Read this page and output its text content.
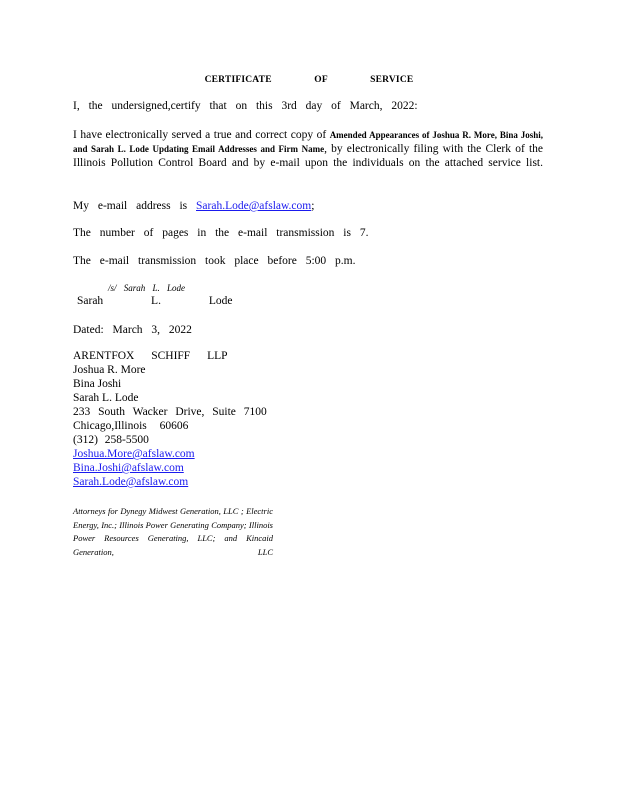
CERTIFICATE OF SERVICE
I, the undersigned,certify that on this 3rd day of March, 2022:
I have electronically served a true and correct copy of Amended Appearances of Joshua R. More, Bina Joshi, and Sarah L. Lode Updating Email Addresses and Firm Name, by electronically filing with the Clerk of the Illinois Pollution Control Board and by e-mail upon the individuals on the attached service list.
My e-mail address is Sarah.Lode@afslaw.com;
The number of pages in the e-mail transmission is 7.
The e-mail transmission took place before 5:00 p.m.
/s/ Sarah L. Lode
Sarah L. Lode
Dated: March 3, 2022
ARENTFOX SCHIFF LLP
Joshua R. More
Bina Joshi
Sarah L. Lode
233 South Wacker Drive, Suite 7100
Chicago,Illinois 60606
(312) 258-5500
Joshua.More@afslaw.com
Bina.Joshi@afslaw.com
Sarah.Lode@afslaw.com
Attorneys for Dynegy Midwest Generation, LLC ; Electric Energy, Inc.; Illinois Power Generating Company; Illinois Power Resources Generating, LLC; and Kincaid Generation, LLC
